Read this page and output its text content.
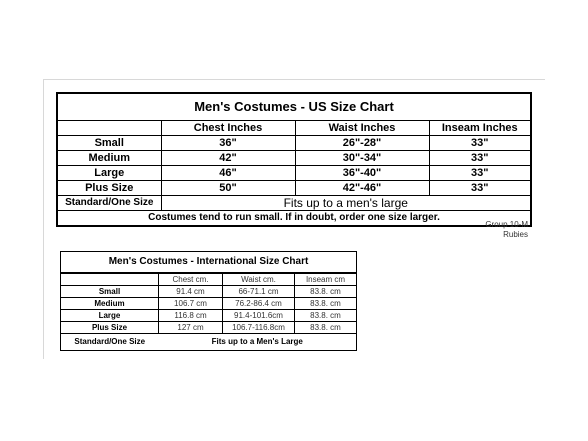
Men's Costumes - US Size Chart			
	Chest Inches	Waist Inches	Inseam Inches
Small	36"	26"-28"	33"
Medium	42"	30"-34"	33"
Large	46"	36"-40"	33"
Plus Size	50"	42"-46"	33"
Standard/One Size	Fits up to a men's large		
Costumes tend to run small. If in doubt, order one size larger.			
Group 10-M
Rubies
Men's Costumes - International Size Chart			
	Chest cm.	Waist cm.	Inseam cm
Small	91.4 cm	66-71.1 cm	83.8. cm
Medium	106.7 cm	76.2-86.4 cm	83.8. cm
Large	116.8 cm	91.4-101.6cm	83.8. cm
Plus Size	127 cm	106.7-116.8cm	83.8. cm
Standard/One Size	Fits up to a Men's Large		
